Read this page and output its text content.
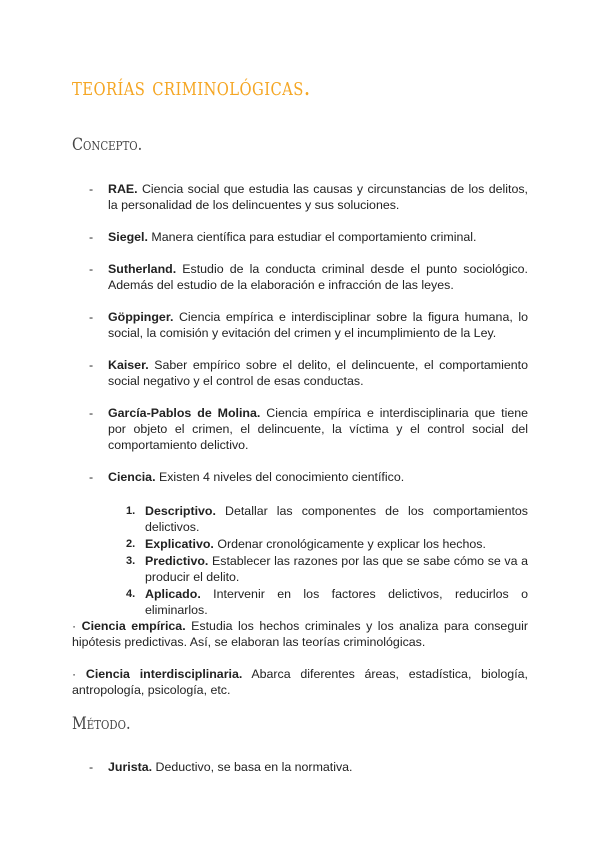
teorías criminológicas.
Concepto.
- RAE. Ciencia social que estudia las causas y circunstancias de los delitos, la personalidad de los delincuentes y sus soluciones.
- Siegel. Manera científica para estudiar el comportamiento criminal.
- Sutherland. Estudio de la conducta criminal desde el punto sociológico. Además del estudio de la elaboración e infracción de las leyes.
- Göppinger. Ciencia empírica e interdisciplinar sobre la figura humana, lo social, la comisión y evitación del crimen y el incumplimiento de la Ley.
- Kaiser. Saber empírico sobre el delito, el delincuente, el comportamiento social negativo y el control de esas conductas.
- García-Pablos de Molina. Ciencia empírica e interdisciplinaria que tiene por objeto el crimen, el delincuente, la víctima y el control social del comportamiento delictivo.
- Ciencia. Existen 4 niveles del conocimiento científico.
1. Descriptivo. Detallar las componentes de los comportamientos delictivos.
2. Explicativo. Ordenar cronológicamente y explicar los hechos.
3. Predictivo. Establecer las razones por las que se sabe cómo se va a producir el delito.
4. Aplicado. Intervenir en los factores delictivos, reducirlos o eliminarlos.

· Ciencia empírica. Estudia los hechos criminales y los analiza para conseguir hipótesis predictivas. Así, se elaboran las teorías criminológicas.

· Ciencia interdisciplinaria. Abarca diferentes áreas, estadística, biología, antropología, psicología, etc.

Método.
- Jurista. Deductivo, se basa en la normativa.
